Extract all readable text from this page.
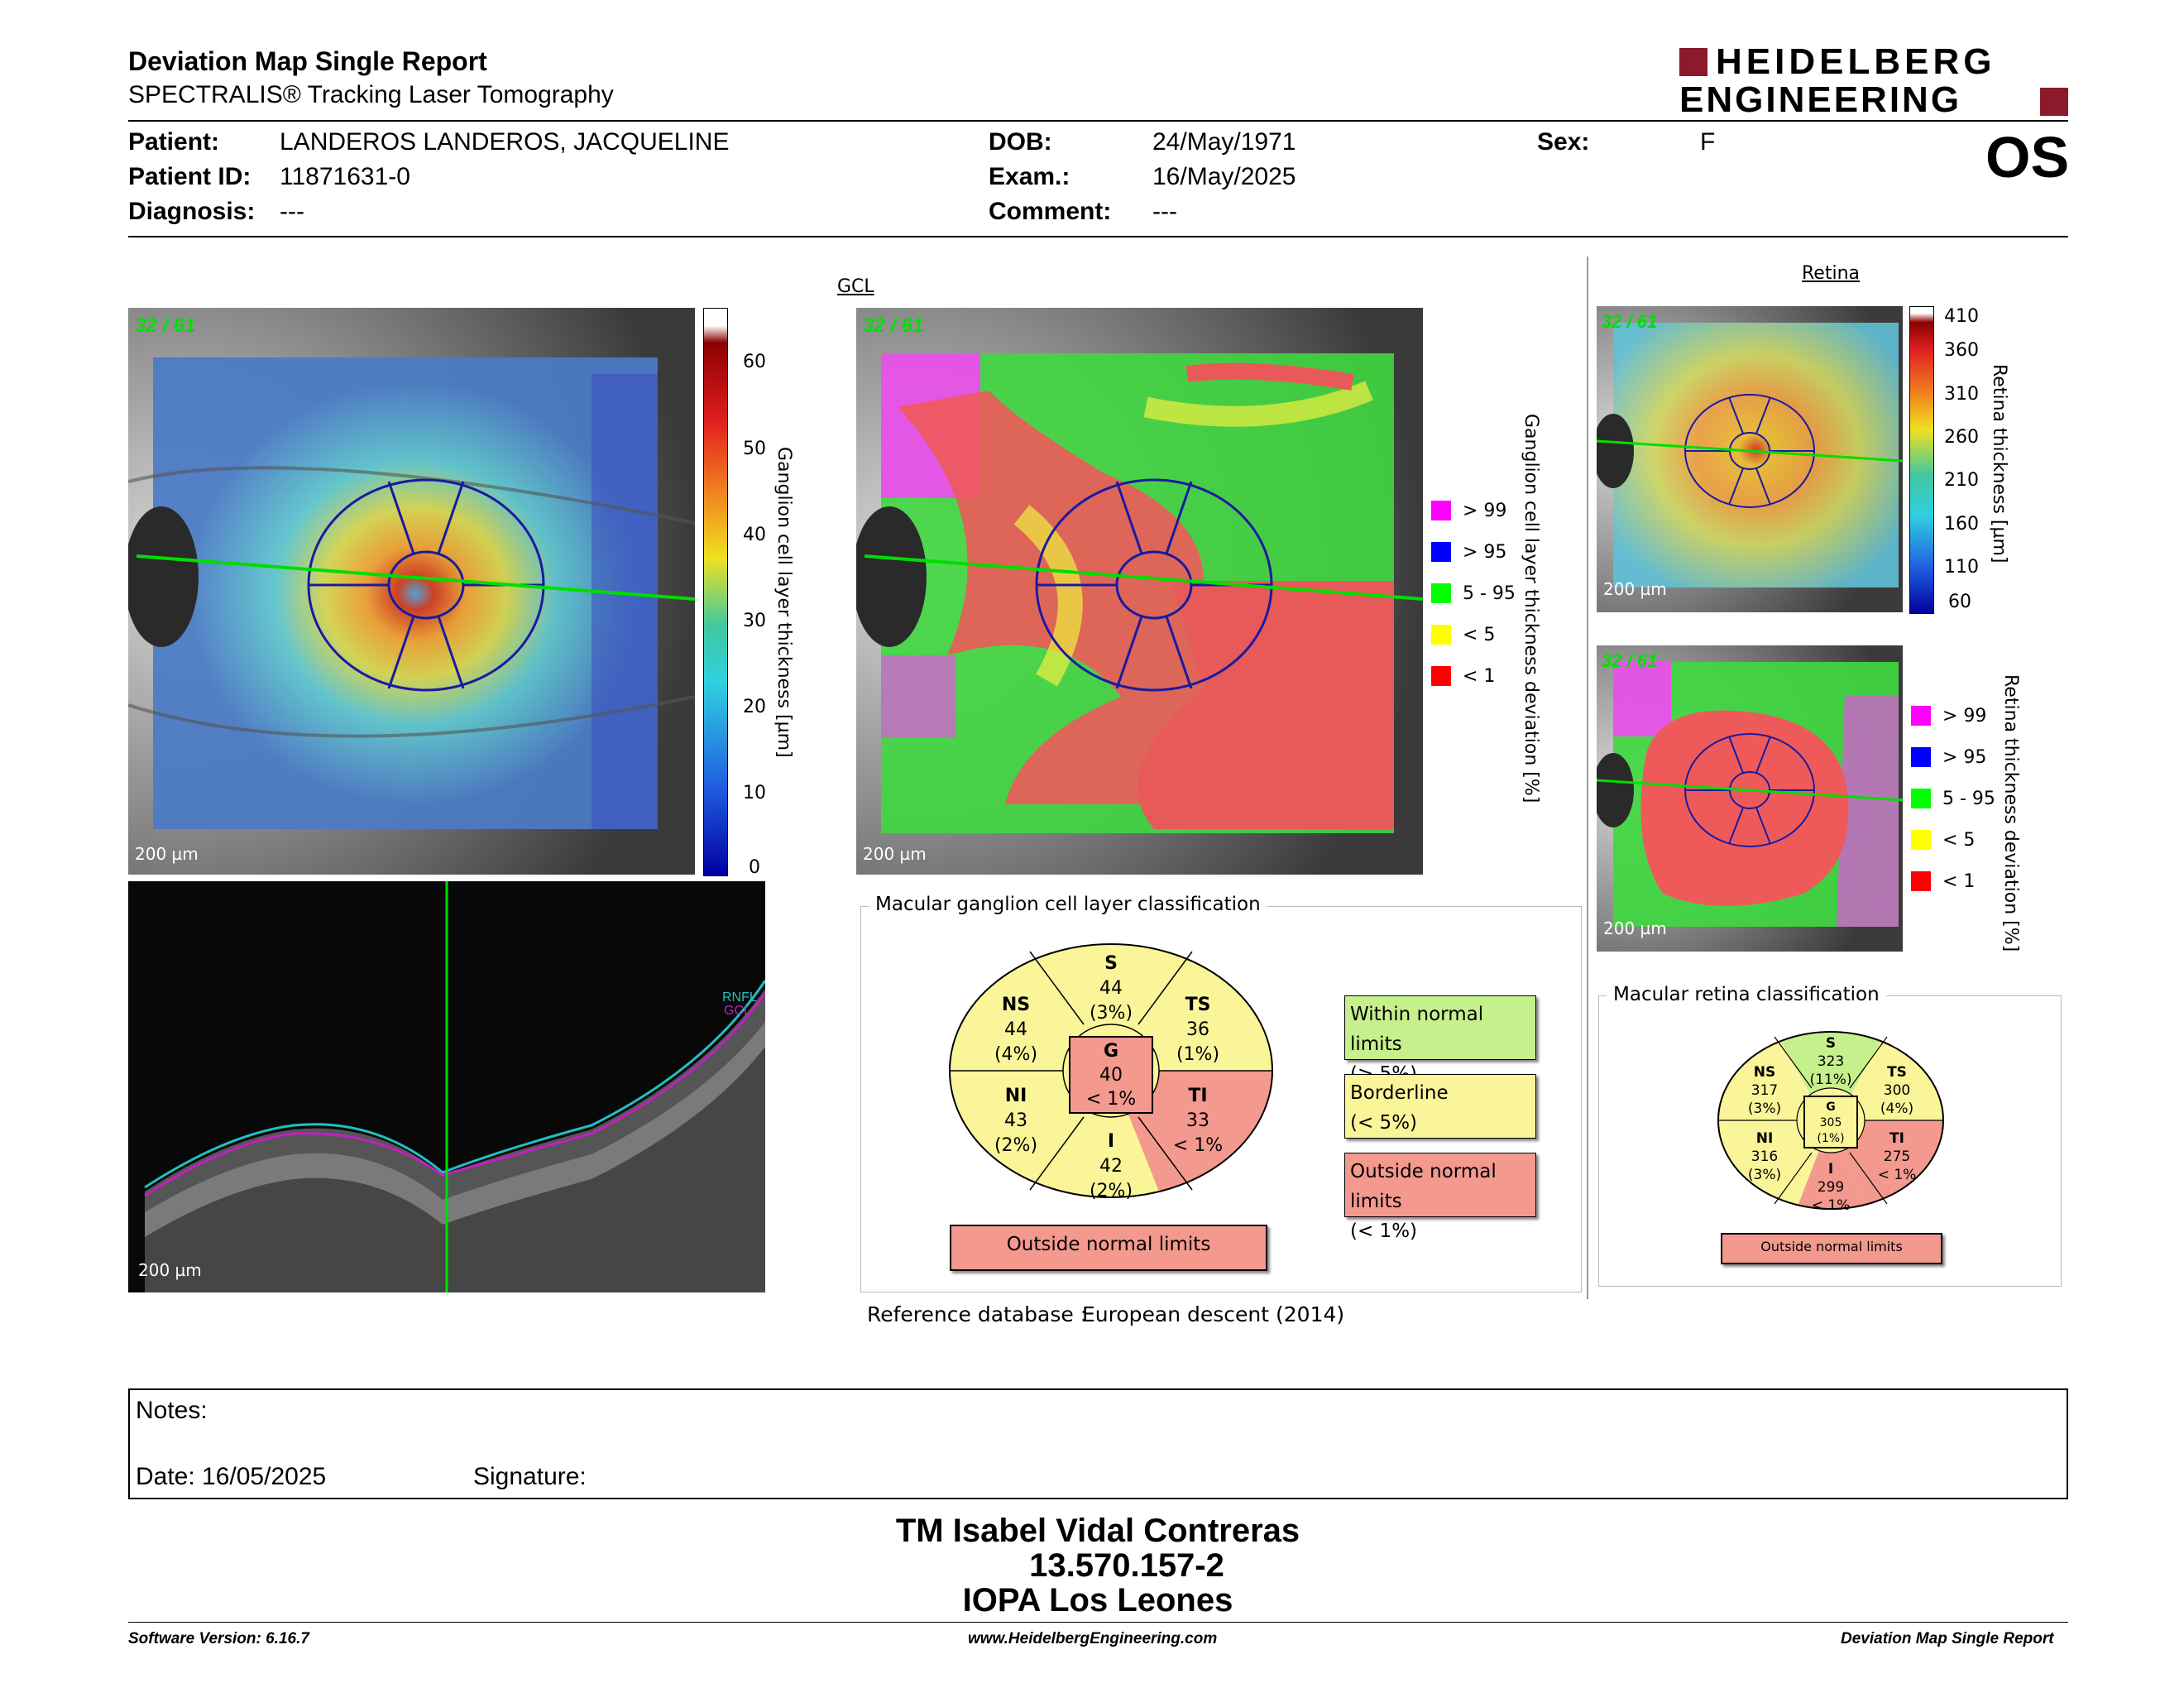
Deviation Map Single Report
SPECTRALIS® Tracking Laser Tomography
HEIDELBERG
ENGINEERING
Patient: LANDEROS LANDEROS, JACQUELINE
Patient ID: 11871631-0
Diagnosis: ---
DOB:	24/May/1971
Exam.:	16/May/2025
Comment: ---
Sex:	F	OS
32 / 61
200 µm
60
50
40
30
20
10
0
Ganglion cell layer thickness [µm]
RNFL
GCL
200 µm
GCL
32 / 61
200 µm
> 99
> 95
5 - 95
< 5
< 1 Ganglion cell layer thickness deviation [%]
Macular ganglion cell layer classification
S
44
(3%)
NS
44
(4%)
TS
36
(1%)
NI
43
(2%)
TI
33
< 1%
I
42
(2%)
G
40
< 1%
Outside normal limits
Within normal limits
Borderline
(< 5%)
Outside normal limits
(< 1%)
Reference database :
European descent (2014)
Retina
32 / 61
200 µm
410
360
310
260
210
160
110
60
Retina thickness [µm]
32 / 61
200 µm
> 99
> 95
5 - 95
< 5
< 1 Retina thickness deviation [%]
Macular retina classification
S
323
(11%)
NS
317
(3%)
TS
300
(4%)
NI
316
(3%)
TI
275
< 1%
I
299
< 1%
G
305
(1%)
Outside normal limits
Notes:
Date: 16/05/2025	Signature:
TM Isabel Vidal Contreras
13.570.157-2
IOPA Los Leones
Software Version: 6.16.7	www.HeidelbergEngineering.com	Deviation Map Single Report
